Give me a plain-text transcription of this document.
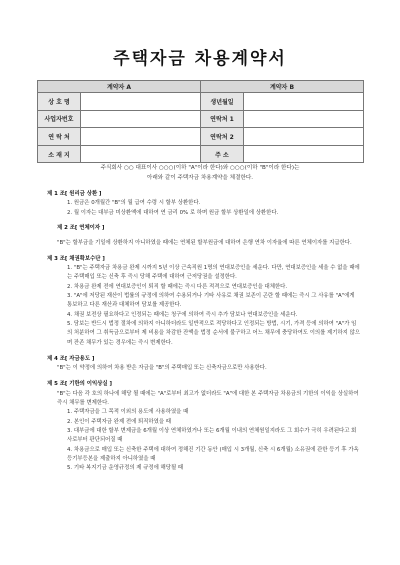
주택자금 차용계약서
계약자 A		계약자 B	
상 호 명		생년월일	
사업자번호		연락처 1	
연 락 처		연락처 2	
소 재 지		주 소	
주식회사 ○○ 대표이사 ○○○(이하 "A"이라 한다)와 ○○○(이하 "B"이라 한다)는
아래와 같이 주택자금 차용계약을 체결한다.

제 1 조[ 원리금 상환 ]

1. 원금은 0개월간 "B"의 월 급여 수령 시 할부 상환한다.
2. 월 이자는 대부금 미상환액에 대하여 연 금리 0% 로 하며 원금 할부 상환일에 상환한다.

제 2 조[ 연체이자 ]

"B"는 할부금을 기일에 상환하지 아니하였을 때에는 연체된 할부원금에 대하여 은행 연차 이자율에 따른 연체이자를 지급한다.

제 3 조[ 채권확보수단 ]

1. "B"는 주택자금 차용금 완제 시까지 5년 이상 근속직원 1명의 연대보증인을 세운다. 다만, 연대보증인을 세울 수 없을 때에는 주택매입 또는 신축 후 즉시 당해 주택에 대하여 근저당권을 설정한다.
2. 차용금 완제 전에 연대보증인이 퇴직 할 때에는 즉시 다른 적격으로 연대보증인을 대체한다.
3. "A"에 저당된 재산이 법률의 규정에 의하여 수용되거나 기타 사유로 채권 보존이 곤란 할 때에는 즉시 그 사유를 "A"에게 통보하고 다른 재산과 대체하여 담보를 제공한다.
4. 채권 보전상 필요하다고 인정되는 때에는 청구에 의하여 즉시 추가 담보나 연대보증인을 세운다.
5. 담보는 반드시 법정 절차에 의하지 아니하더라도 일반적으로 적당하다고 인정되는 방법, 시기, 가격 등에 의하여 "A"가 임의 처분하여 그 취득금으로부터 제 비용을 차감한 잔액을 법정 순서에 불구하고 어느 채무에 충당하여도 이의를 제기하지 않으며 잔존 채무가 있는 경우에는 즉시 변제한다.

제 4 조[ 자금용도 ]

"B"는 이 약정에 의하여 차용 받은 자금을 "B"의 주택매입 또는 신축자금으로만 사용한다.

제 5 조[ 기한의 이익상실 ]

"B"는 다음 각 호의 하나에 해당 될 때에는 "A"로부터 최고가 없더라도 "A"에 대한 본 주택자금 차용금의 기한의 이익을 상실하여 즉시 채무를 변제한다.

1. 주택자금을 그 목적 이외의 용도에 사용하였을 때
2. 본인이 주택자금 완제 전에 퇴직하였을 때
3. 대부금에 대한 할부 변제금을 6개월 이상 연체하였거나 또는 6개월 이내의 연체원일지라도 그 회수가 극히 우려된다고 회사로부터 판단되어질 때
4. 차용금으로 매입 또는 신축한 주택에 대하여 정해진 기간 동안 (매입 시 3개월, 신축 시 6개월) 소유권에 관한 등기 후 가옥 등기부등본을 제출하지 아니하였을 때
5. 기타 복지기금 운영규정의 제 규정에 해당될 때
